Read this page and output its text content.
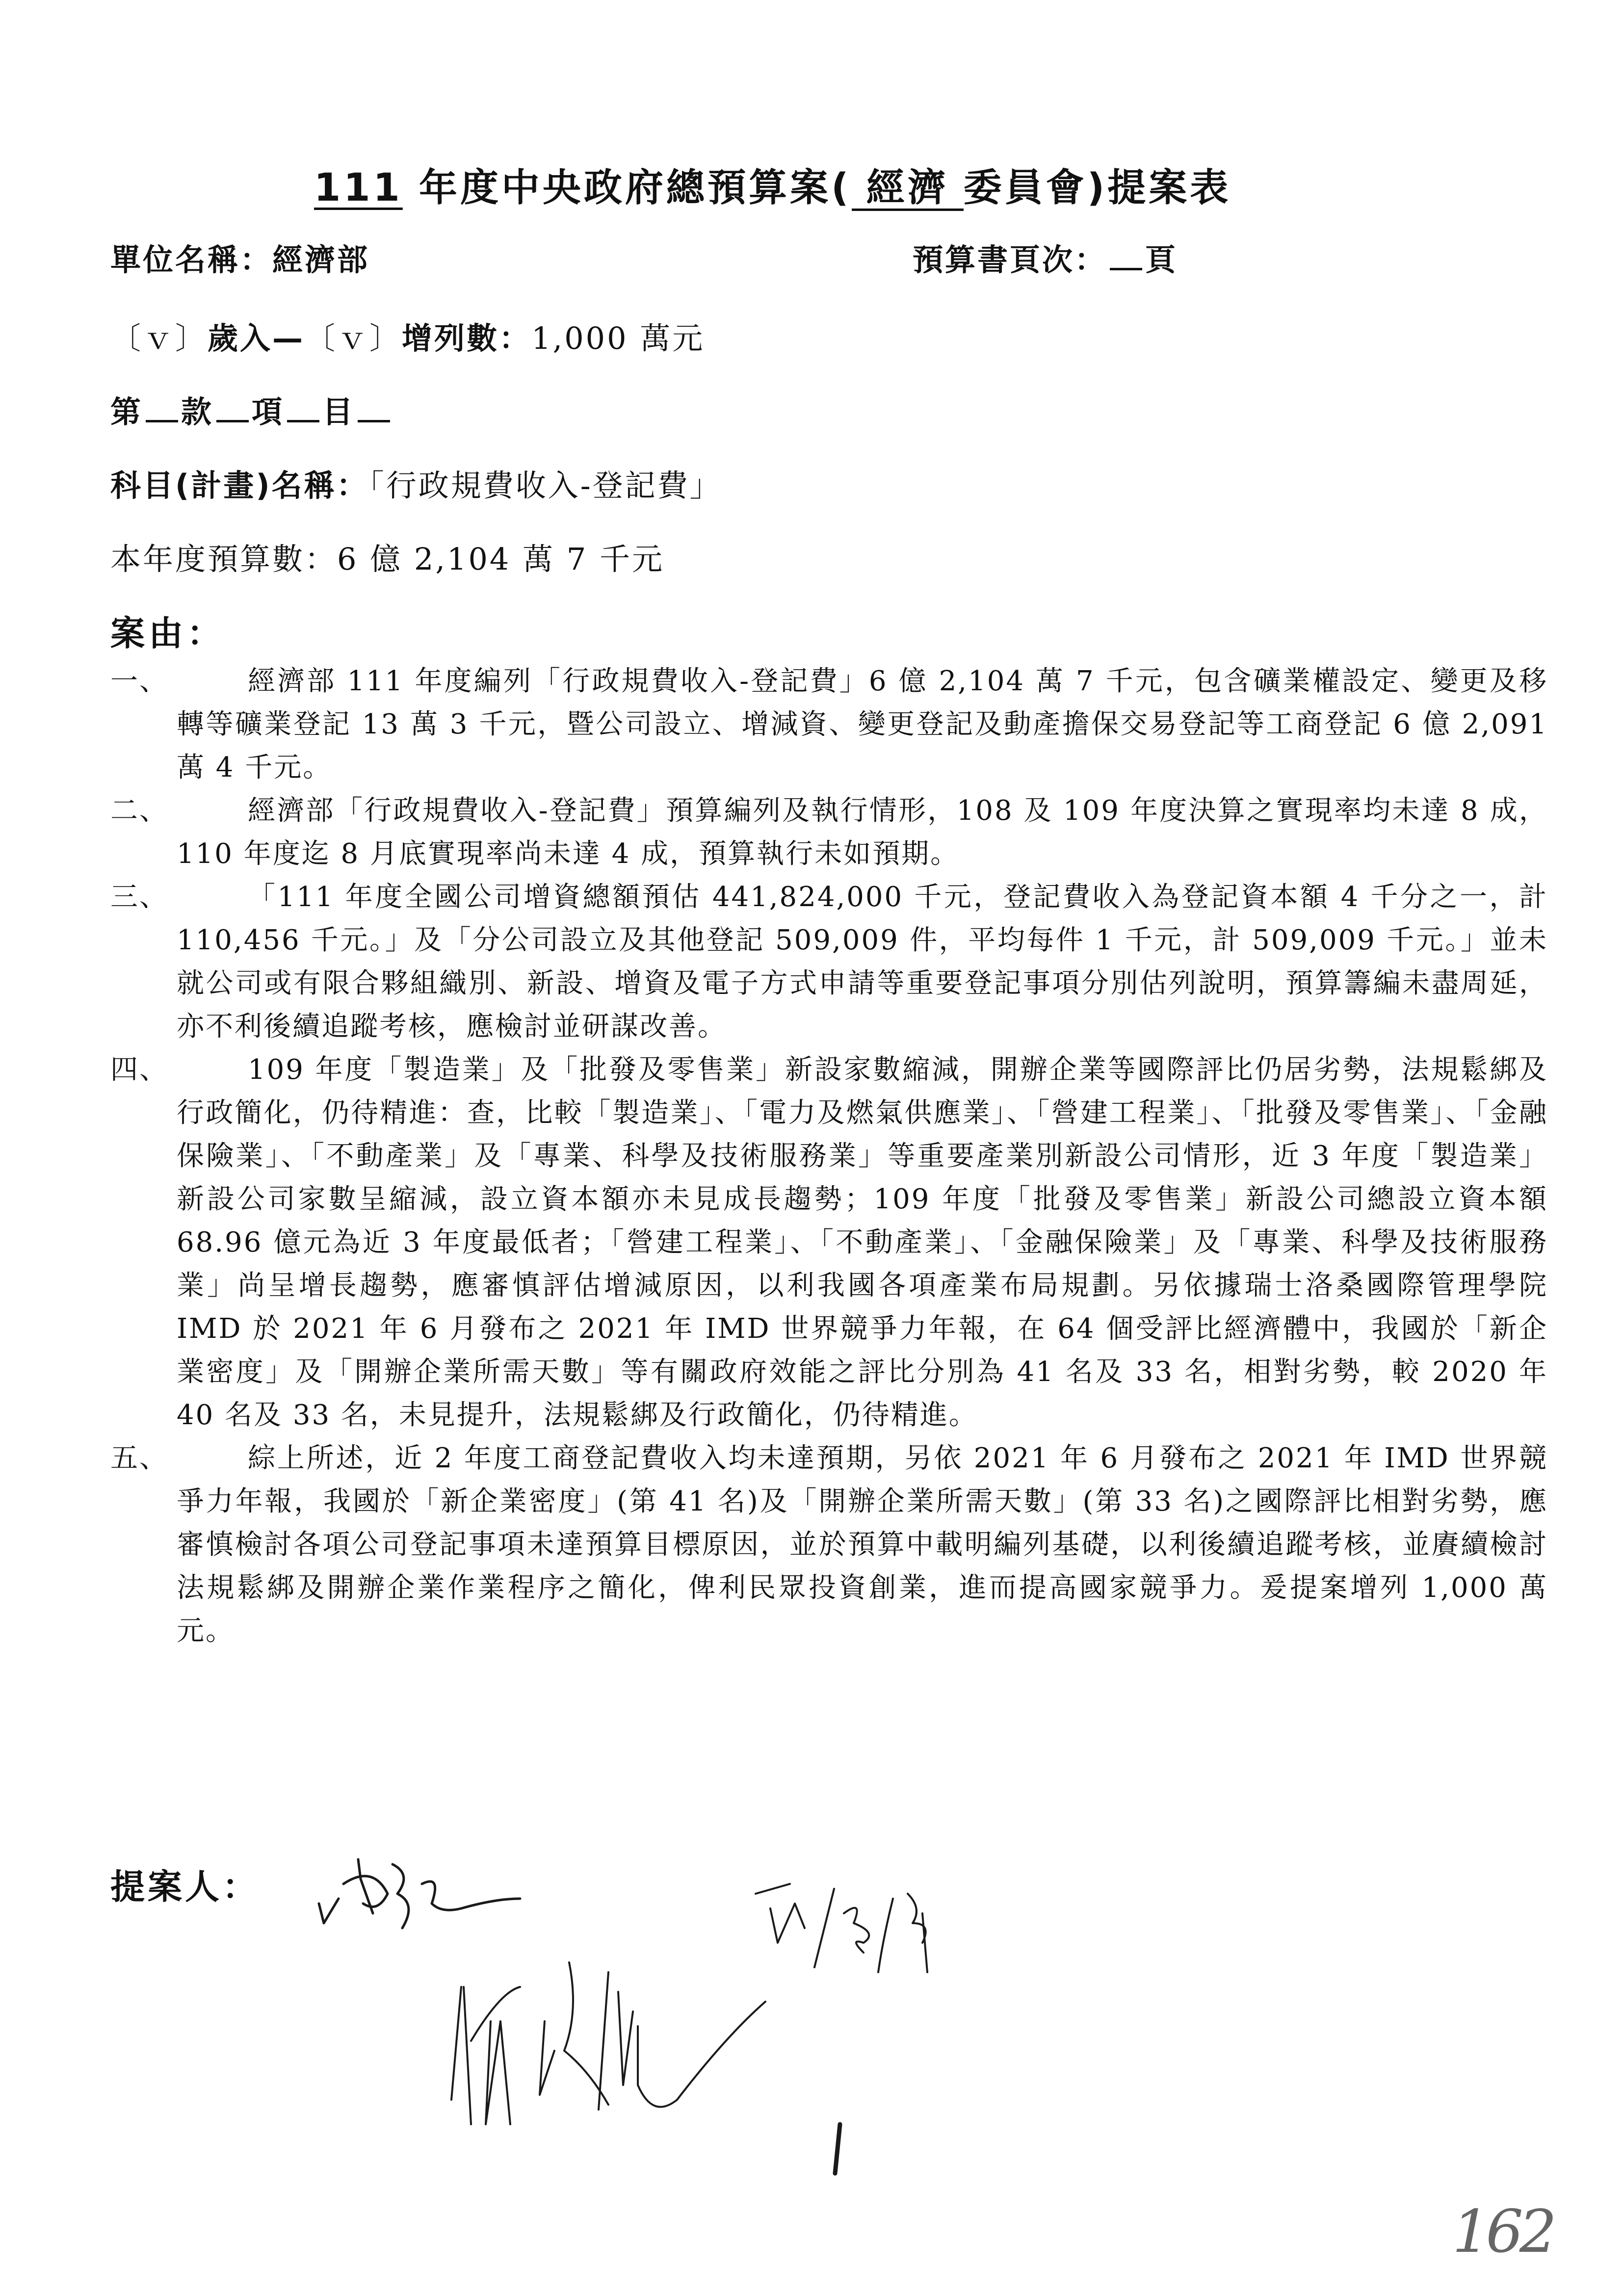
111 年度中央政府總預算案( 經濟 委員會)提案表
單位名稱：經濟部	預算書頁次： 頁
〔ｖ〕歲入—〔ｖ〕增列數：1,000 萬元
第 款 項 目
科目(計畫)名稱：「行政規費收入-登記費」
本年度預算數：6 億 2,104 萬 7 千元
案由：
一、	經濟部 111 年度編列「行政規費收入-登記費」6 億 2,104 萬 7 千元，包含礦業權設定、變更及移轉等礦業登記 13 萬 3 千元，暨公司設立、增減資、變更登記及動產擔保交易登記等工商登記 6 億 2,091 萬 4 千元。
二、	經濟部「行政規費收入-登記費」預算編列及執行情形，108 及 109 年度決算之實現率均未達 8 成，110 年度迄 8 月底實現率尚未達 4 成，預算執行未如預期。
三、	「111 年度全國公司增資總額預估 441,824,000 千元，登記費收入為登記資本額 4 千分之一，計 110,456 千元。」及「分公司設立及其他登記 509,009 件，平均每件 1 千元，計 509,009 千元。」並未就公司或有限合夥組織別、新設、增資及電子方式申請等重要登記事項分別估列說明，預算籌編未盡周延，亦不利後續追蹤考核，應檢討並研謀改善。
四、	109 年度「製造業」及「批發及零售業」新設家數縮減，開辦企業等國際評比仍居劣勢，法規鬆綁及行政簡化，仍待精進：查，比較「製造業」、「電力及燃氣供應業」、「營建工程業」、「批發及零售業」、「金融保險業」、「不動產業」及「專業、科學及技術服務業」等重要產業別新設公司情形，近 3 年度「製造業」新設公司家數呈縮減，設立資本額亦未見成長趨勢；109 年度「批發及零售業」新設公司總設立資本額 68.96 億元為近 3 年度最低者；「營建工程業」、「不動產業」、「金融保險業」及「專業、科學及技術服務業」尚呈增長趨勢，應審慎評估增減原因，以利我國各項產業布局規劃。另依據瑞士洛桑國際管理學院 IMD 於 2021 年 6 月發布之 2021 年 IMD 世界競爭力年報，在 64 個受評比經濟體中，我國於「新企業密度」及「開辦企業所需天數」等有關政府效能之評比分別為 41 名及 33 名，相對劣勢，較 2020 年 40 名及 33 名，未見提升，法規鬆綁及行政簡化，仍待精進。
五、	綜上所述，近 2 年度工商登記費收入均未達預期，另依 2021 年 6 月發布之 2021 年 IMD 世界競爭力年報，我國於「新企業密度」(第 41 名)及「開辦企業所需天數」(第 33 名)之國際評比相對劣勢，應審慎檢討各項公司登記事項未達預算目標原因，並於預算中載明編列基礎，以利後續追蹤考核，並賡續檢討法規鬆綁及開辦企業作業程序之簡化，俾利民眾投資創業，進而提高國家競爭力。爰提案增列 1,000 萬元。
提案人：
162
